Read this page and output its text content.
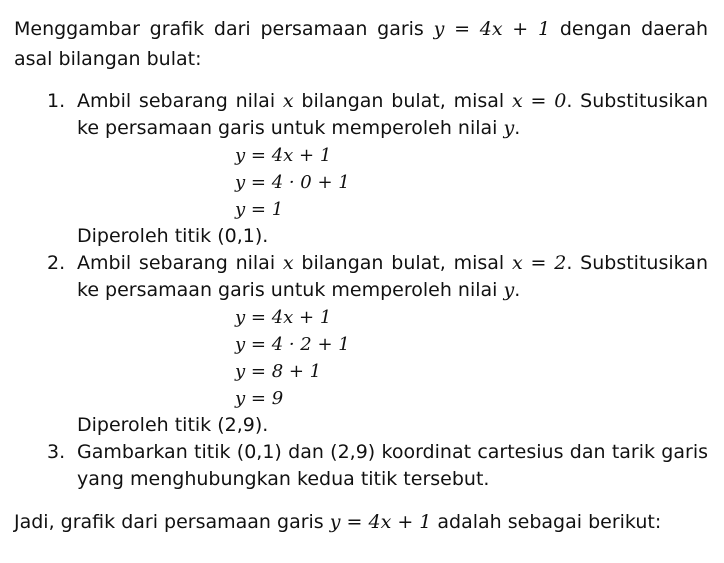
Menggambar grafik dari persamaan garis y = 4x + 1 dengan daerah asal bilangan bulat:

1. Ambil sebarang nilai x bilangan bulat, misal x = 0. Substitusikan ke persamaan garis untuk memperoleh nilai y.
y = 4x + 1
y = 4 · 0 + 1
y = 1

Diperoleh titik (0,1).

2. Ambil sebarang nilai x bilangan bulat, misal x = 2. Substitusikan ke persamaan garis untuk memperoleh nilai y.
y = 4x + 1
y = 4 · 2 + 1
y = 8 + 1
y = 9

Diperoleh titik (2,9).

3. Gambarkan titik (0,1) dan (2,9) koordinat cartesius dan tarik garis yang menghubungkan kedua titik tersebut.

Jadi, grafik dari persamaan garis y = 4x + 1 adalah sebagai berikut:
